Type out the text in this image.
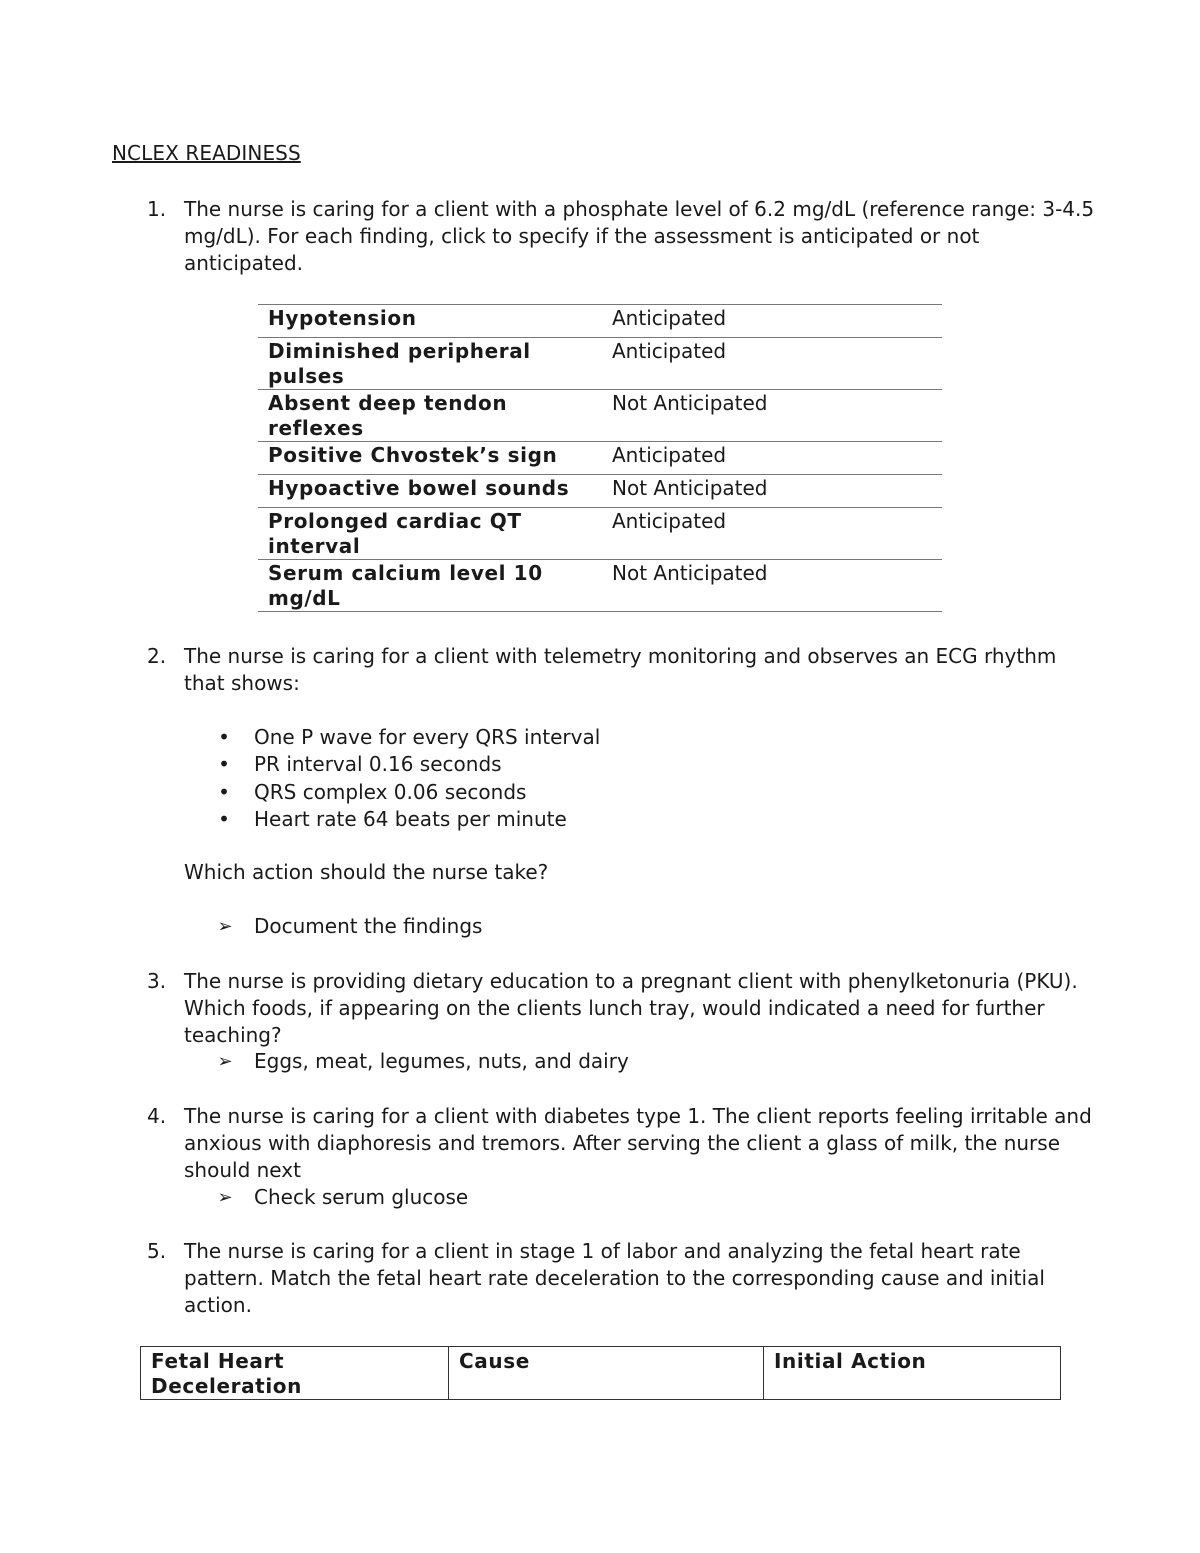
NCLEX READINESS
1. The nurse is caring for a client with a phosphate level of 6.2 mg/dL (reference range: 3-4.5 mg/dL). For each finding, click to specify if the assessment is anticipated or not anticipated.
Hypotension	Anticipated
Diminished peripheral pulses	Anticipated
Absent deep tendon reflexes	Not Anticipated
Positive Chvostek’s sign	Anticipated
Hypoactive bowel sounds	Not Anticipated
Prolonged cardiac QT interval	Anticipated
Serum calcium level 10 mg/dL	Not Anticipated
2. The nurse is caring for a client with telemetry monitoring and observes an ECG rhythm that shows:
• One P wave for every QRS interval
• PR interval 0.16 seconds
• QRS complex 0.06 seconds
• Heart rate 64 beats per minute
Which action should the nurse take?
➢ Document the findings
3. The nurse is providing dietary education to a pregnant client with phenylketonuria (PKU). Which foods, if appearing on the clients lunch tray, would indicated a need for further teaching?
➢ Eggs, meat, legumes, nuts, and dairy
4. The nurse is caring for a client with diabetes type 1. The client reports feeling irritable and anxious with diaphoresis and tremors. After serving the client a glass of milk, the nurse should next
➢ Check serum glucose
5. The nurse is caring for a client in stage 1 of labor and analyzing the fetal heart rate pattern. Match the fetal heart rate deceleration to the corresponding cause and initial action.
Fetal Heart Deceleration	Cause	Initial Action
